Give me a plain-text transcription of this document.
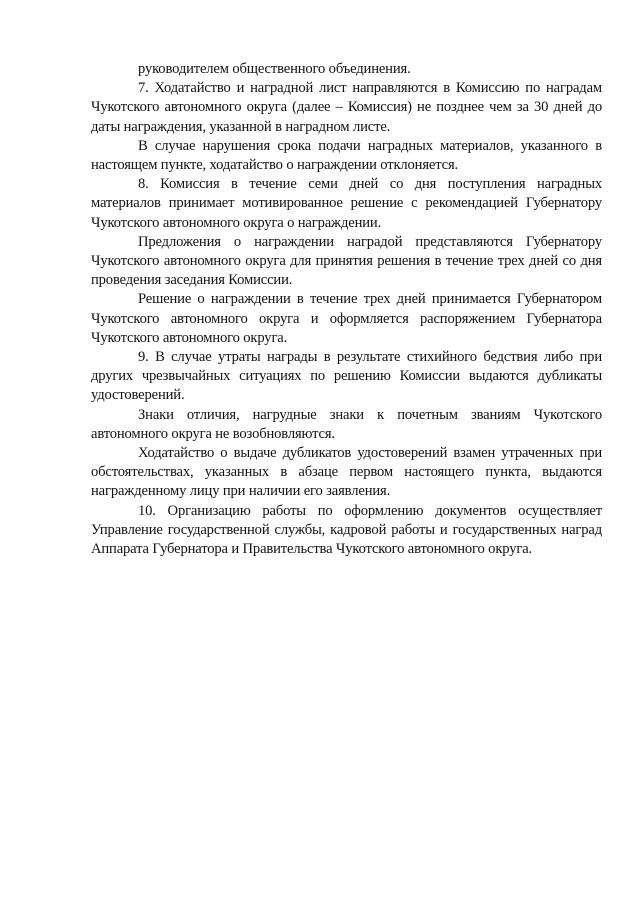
руководителем общественного объединения.

7. Ходатайство и наградной лист направляются в Комиссию по наградам Чукотского автономного округа (далее – Комиссия) не позднее чем за 30 дней до даты награждения, указанной в наградном листе.

В случае нарушения срока подачи наградных материалов, указанного в настоящем пункте, ходатайство о награждении отклоняется.

8. Комиссия в течение семи дней со дня поступления наградных материалов принимает мотивированное решение с рекомендацией Губернатору Чукотского автономного округа о награждении.

Предложения о награждении наградой представляются Губернатору Чукотского автономного округа для принятия решения в течение трех дней со дня проведения заседания Комиссии.

Решение о награждении в течение трех дней принимается Губернатором Чукотского автономного округа и оформляется распоряжением Губернатора Чукотского автономного округа.

9. В случае утраты награды в результате стихийного бедствия либо при других чрезвычайных ситуациях по решению Комиссии выдаются дубликаты удостоверений.

Знаки отличия, нагрудные знаки к почетным званиям Чукотского автономного округа не возобновляются.

Ходатайство о выдаче дубликатов удостоверений взамен утраченных при обстоятельствах, указанных в абзаце первом настоящего пункта, выдаются награжденному лицу при наличии его заявления.

10. Организацию работы по оформлению документов осуществляет Управление государственной службы, кадровой работы и государственных наград Аппарата Губернатора и Правительства Чукотского автономного округа.
